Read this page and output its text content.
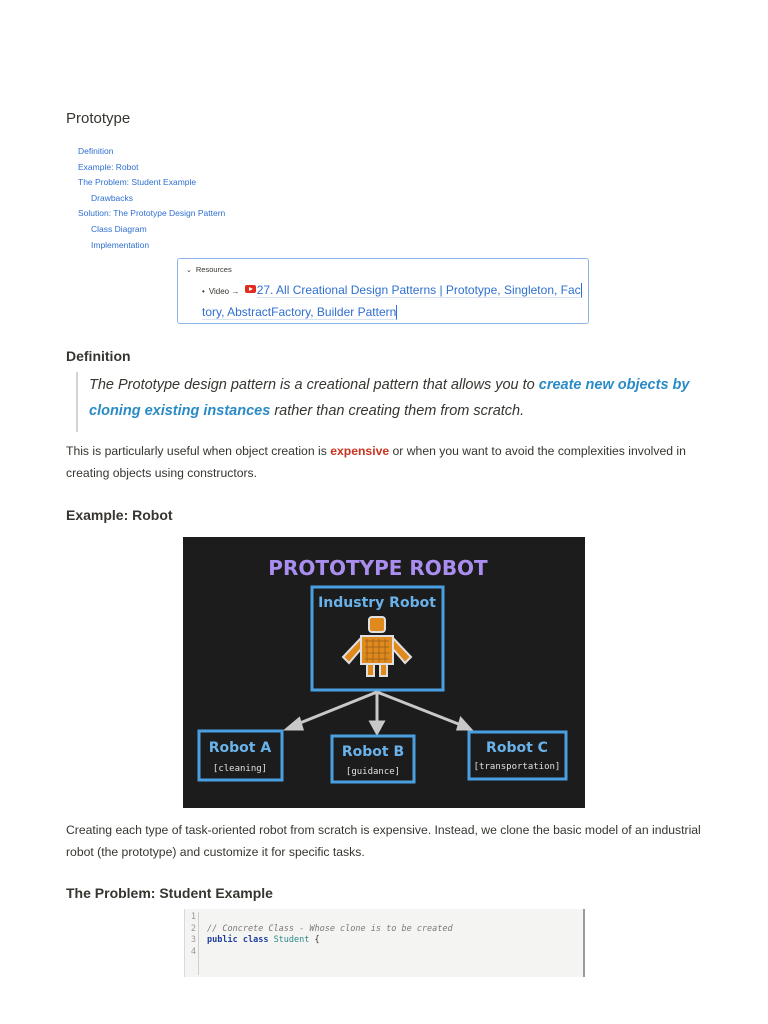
Prototype
Definition
Example: Robot
The Problem: Student Example
Drawbacks
Solution: The Prototype Design Pattern
Class Diagram
Implementation
⌄ Resources
• Video → 27. All Creational Design Patterns | Prototype, Singleton, Fac
tory, AbstractFactory, Builder Pattern
Definition
The Prototype design pattern is a creational pattern that allows you to create new objects by cloning existing instances rather than creating them from scratch.
This is particularly useful when object creation is expensive or when you want to avoid the complexities involved in creating objects using constructors.
Example: Robot
PROTOTYPE ROBOT
Industry Robot
Robot A
[cleaning]
Robot B
[guidance]
Robot C
[transportation]
Creating each type of task-oriented robot from scratch is expensive. Instead, we clone the basic model of an industrial robot (the prototype) and customize it for specific tasks.
The Problem: Student Example
1
2
3
4

// Concrete Class - Whose clone is to be created
public class Student {
